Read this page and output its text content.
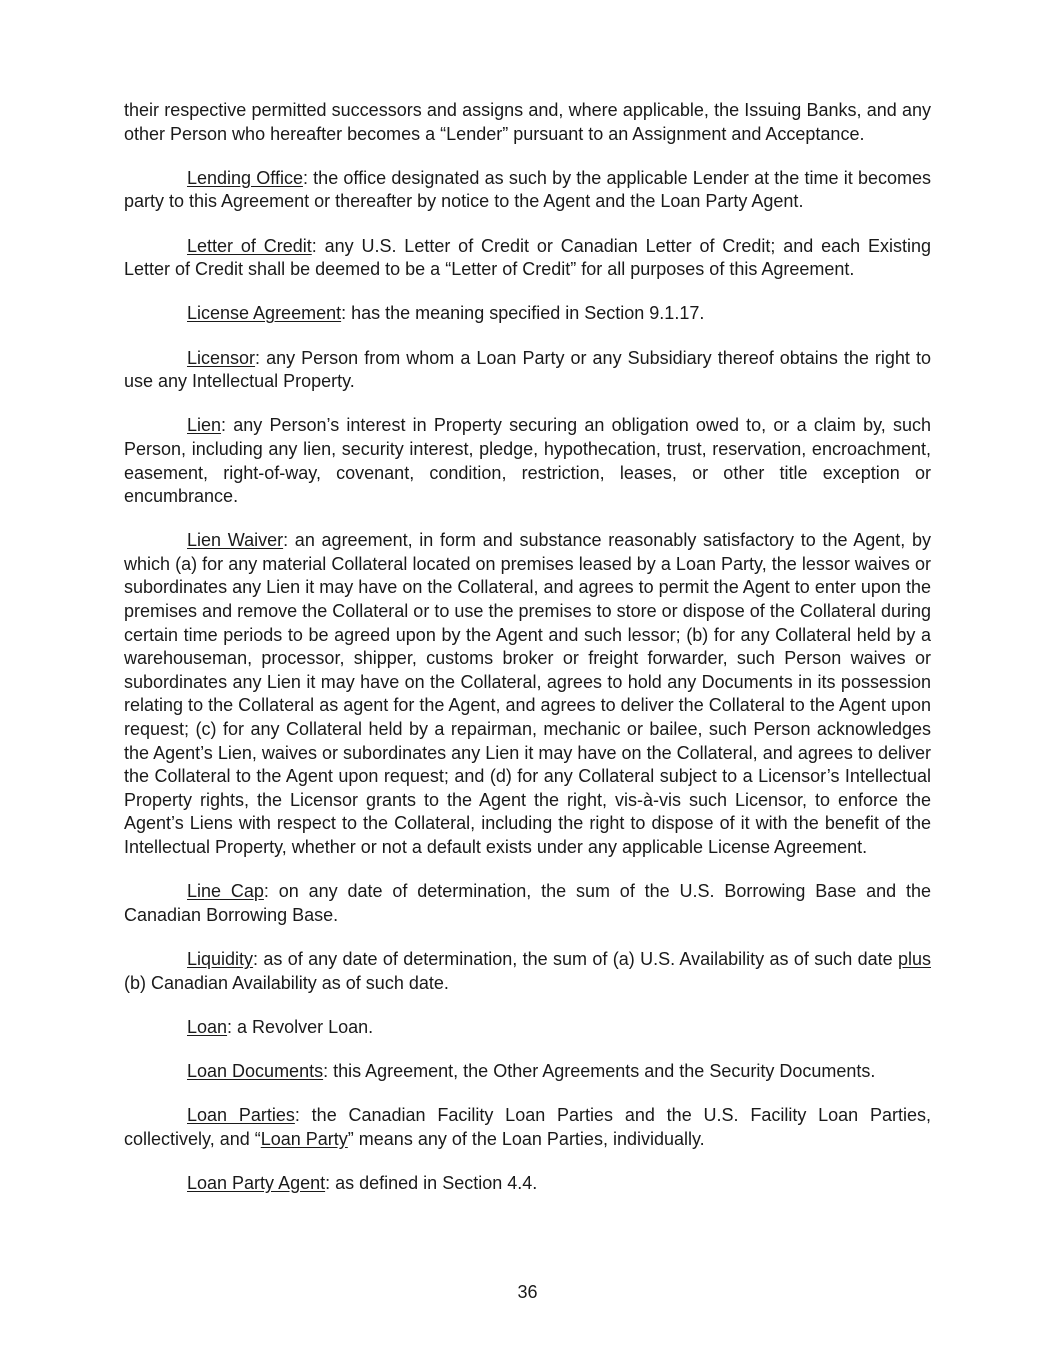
their respective permitted successors and assigns and, where applicable, the Issuing Banks, and any other Person who hereafter becomes a “Lender” pursuant to an Assignment and Acceptance.

Lending Office: the office designated as such by the applicable Lender at the time it becomes party to this Agreement or thereafter by notice to the Agent and the Loan Party Agent.

Letter of Credit: any U.S. Letter of Credit or Canadian Letter of Credit; and each Existing Letter of Credit shall be deemed to be a “Letter of Credit” for all purposes of this Agreement.

License Agreement: has the meaning specified in Section 9.1.17.

Licensor: any Person from whom a Loan Party or any Subsidiary thereof obtains the right to use any Intellectual Property.

Lien: any Person’s interest in Property securing an obligation owed to, or a claim by, such Person, including any lien, security interest, pledge, hypothecation, trust, reservation, encroachment, easement, right-of-way, covenant, condition, restriction, leases, or other title exception or encumbrance.

Lien Waiver: an agreement, in form and substance reasonably satisfactory to the Agent, by which (a) for any material Collateral located on premises leased by a Loan Party, the lessor waives or subordinates any Lien it may have on the Collateral, and agrees to permit the Agent to enter upon the premises and remove the Collateral or to use the premises to store or dispose of the Collateral during certain time periods to be agreed upon by the Agent and such lessor; (b) for any Collateral held by a warehouseman, processor, shipper, customs broker or freight forwarder, such Person waives or subordinates any Lien it may have on the Collateral, agrees to hold any Documents in its possession relating to the Collateral as agent for the Agent, and agrees to deliver the Collateral to the Agent upon request; (c) for any Collateral held by a repairman, mechanic or bailee, such Person acknowledges the Agent’s Lien, waives or subordinates any Lien it may have on the Collateral, and agrees to deliver the Collateral to the Agent upon request; and (d) for any Collateral subject to a Licensor’s Intellectual Property rights, the Licensor grants to the Agent the right, vis-à-vis such Licensor, to enforce the Agent’s Liens with respect to the Collateral, including the right to dispose of it with the benefit of the Intellectual Property, whether or not a default exists under any applicable License Agreement.

Line Cap: on any date of determination, the sum of the U.S. Borrowing Base and the Canadian Borrowing Base.

Liquidity: as of any date of determination, the sum of (a) U.S. Availability as of such date plus (b) Canadian Availability as of such date.

Loan: a Revolver Loan.

Loan Documents: this Agreement, the Other Agreements and the Security Documents.

Loan Parties: the Canadian Facility Loan Parties and the U.S. Facility Loan Parties, collectively, and “Loan Party” means any of the Loan Parties, individually.

Loan Party Agent: as defined in Section 4.4.

36
